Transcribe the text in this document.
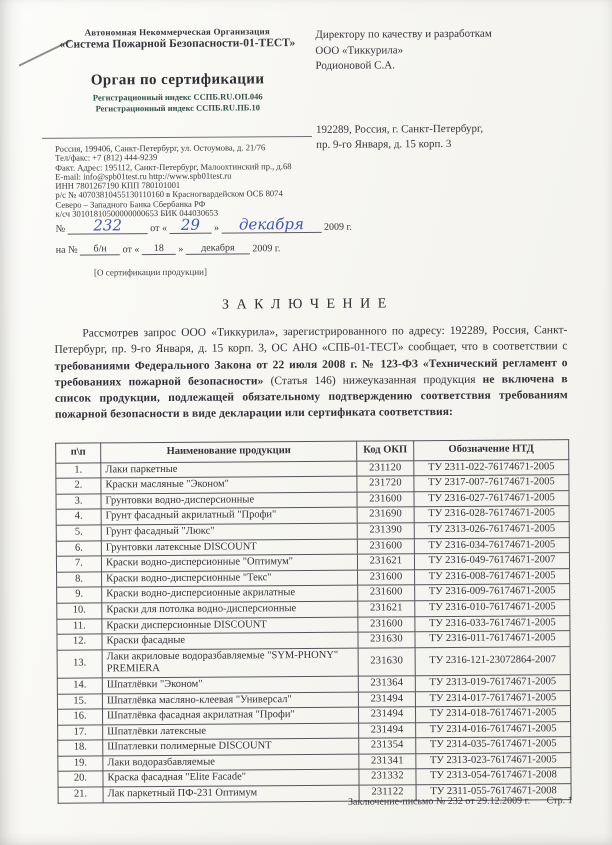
Автономная Некоммерческая Организация
«Система Пожарной Безопасности-01-ТЕСТ»
Орган по сертификации
Регистрационный индекс ССПБ.RU.ОП.046
Регистрационный индекс ССПБ.RU.ПБ.10
Россия, 199406, Санкт-Петербург, ул. Остоумова, д. 21/76
Тел/факс: +7 (812) 444-9239
Факт. Адрес: 195112, Санкт-Петербург, Малоохтинский пр., д.68
E-mail: info@spb01test.ru http://www.spb01test.ru
ИНН 7801267190 КПП 780101001
р/с № 40703810455130110160 в Красногвардейском ОСБ 8074
Северо – Западного Банка Сбербанка РФ
к/сч 30101810500000000653 БИК 044030653
Директору по качеству и разработкам
ООО «Тиккурила»
Родионовой С.А.
192289, Россия, г. Санкт-Петербург,
пр. 9-го Января, д. 15 корп. 3
№ 232	от « 29 » декабря 2009 г.
на № б/н от « 18 » декабря 2009 г.
[О сертификации продукции]
З А К Л Ю Ч Е Н И Е
Рассмотрев запрос ООО «Тиккурила», зарегистрированного по адресу: 192289, Россия, Санкт-Петербург, пр. 9-го Января, д. 15 корп. 3, ОС АНО «СПБ-01-ТЕСТ» сообщает, что в соответствии с требованиями Федерального Закона от 22 июля 2008 г. № 123-ФЗ «Технический регламент о требованиях пожарной безопасности» (Статья 146) нижеуказанная продукция не включена в список продукции, подлежащей обязательному подтверждению соответствия требованиям пожарной безопасности в виде декларации или сертификата соответствия:
п\п	Наименование продукции	Код ОКП	Обозначение НТД
1.	Лаки паркетные	231120	ТУ 2311-022-76174671-2005
2.	Краски масляные "Эконом"	231720	ТУ 2317-007-76174671-2005
3.	Грунтовки водно-дисперсионные	231600	ТУ 2316-027-76174671-2005
4.	Грунт фасадный акрилатный "Профи"	231690	ТУ 2316-028-76174671-2005
5.	Грунт фасадный "Люкс"	231390	ТУ 2313-026-76174671-2005
6.	Грунтовки латексные DISCOUNT	231600	ТУ 2316-034-76174671-2005
7.	Краски водно-дисперсионные "Оптимум"	231621	ТУ 2316-049-76174671-2007
8.	Краски водно-дисперсионные "Текс"	231600	ТУ 2316-008-76174671-2005
9.	Краски водно-дисперсионные акрилатные	231600	ТУ 2316-009-76174671-2005
10.	Краски для потолка водно-дисперсионные	231621	ТУ 2316-010-76174671-2005
11.	Краски дисперсионные DISCOUNT	231600	ТУ 2316-033-76174671-2005
12.	Краски фасадные	231630	ТУ 2316-011-76174671-2005
13.	Лаки акриловые водоразбавляемые "SYM-PHONY" PREMIERA	231630	ТУ 2316-121-23072864-2007
14.	Шпатлёвки "Эконом"	231364	ТУ 2313-019-76174671-2005
15.	Шпатлёвка масляно-клеевая "Универсал"	231494	ТУ 2314-017-76174671-2005
16.	Шпатлёвка фасадная акрилатная "Профи"	231494	ТУ 2314-018-76174671-2005
17.	Шпатлёвки латексные	231494	ТУ 2314-016-76174671-2005
18.	Шпатлевки полимерные DISCOUNT	231354	ТУ 2314-035-76174671-2005
19.	Лаки водоразбавляемые	231341	ТУ 2313-023-76174671-2005
20.	Краска фасадная "Elite Facade"	231332	ТУ 2313-054-76174671-2008
21.	Лак паркетный ПФ-231 Оптимум	231122	ТУ 2311-055-76174671-2008
Заключение-письмо № 232 от 29.12.2009 г. Стр. 1
